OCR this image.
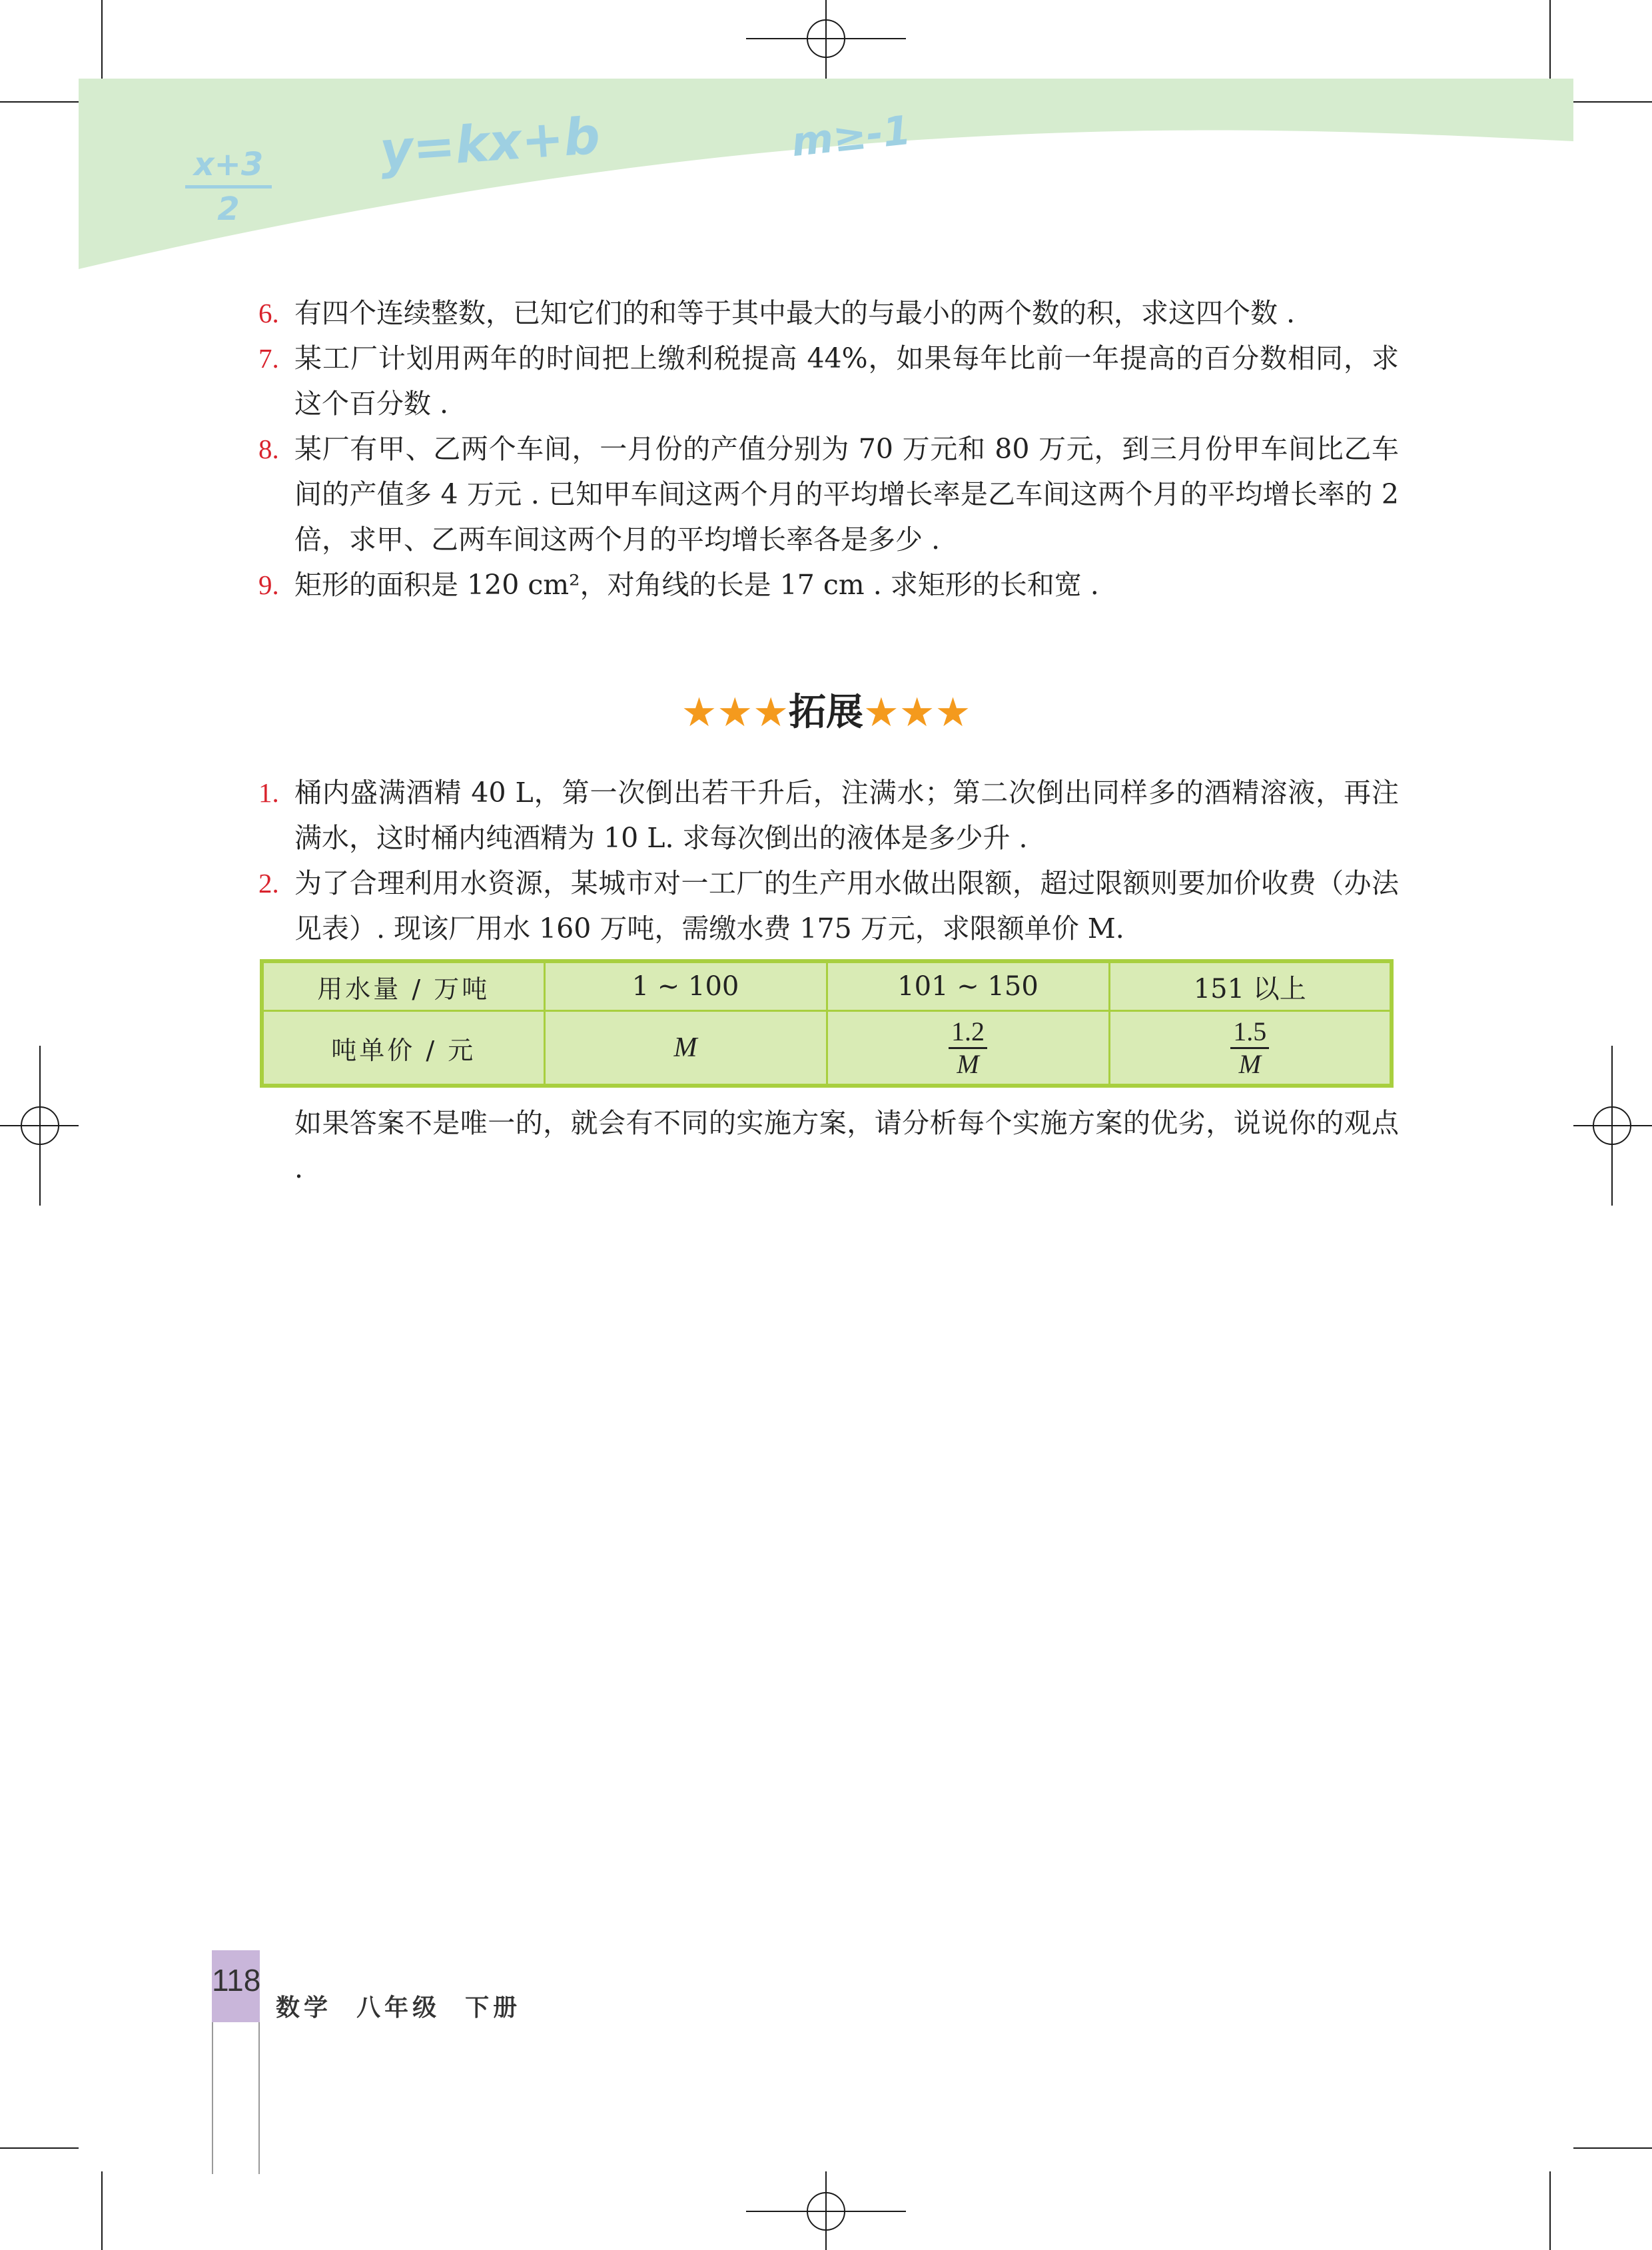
$\frac{x+3}{2}$
y=kx+b	m≥-1

6. 有四个连续整数，已知它们的和等于其中最大的与最小的两个数的积，求这四个数 .

7. 某工厂计划用两年的时间把上缴利税提高 44%，如果每年比前一年提高的百分数相同，求这个百分数 .

8. 某厂有甲、乙两个车间，一月份的产值分别为 70 万元和 80 万元，到三月份甲车间比乙车间的产值多 4 万元 . 已知甲车间这两个月的平均增长率是乙车间这两个月的平均增长率的 2 倍，求甲、乙两车间这两个月的平均增长率各是多少 .

9. 矩形的面积是 120 cm²，对角线的长是 17 cm . 求矩形的长和宽 .

★★★拓展★★★

1. 桶内盛满酒精 40 L，第一次倒出若干升后，注满水；第二次倒出同样多的酒精溶液，再注满水，这时桶内纯酒精为 10 L. 求每次倒出的液体是多少升 .

2. 为了合理利用水资源，某城市对一工厂的生产用水做出限额，超过限额则要加价收费（办法见表）. 现该厂用水 160 万吨，需缴水费 175 万元，求限额单价 M.

用水量 / 万吨	1 ~ 100	101 ~ 150	151 以上
吨单价 / 元	M	$\frac{1.2}{M}$	$\frac{1.5}{M}$

如果答案不是唯一的，就会有不同的实施方案，请分析每个实施方案的优劣，说说你的观点 .

118
数学  八年级  下册
